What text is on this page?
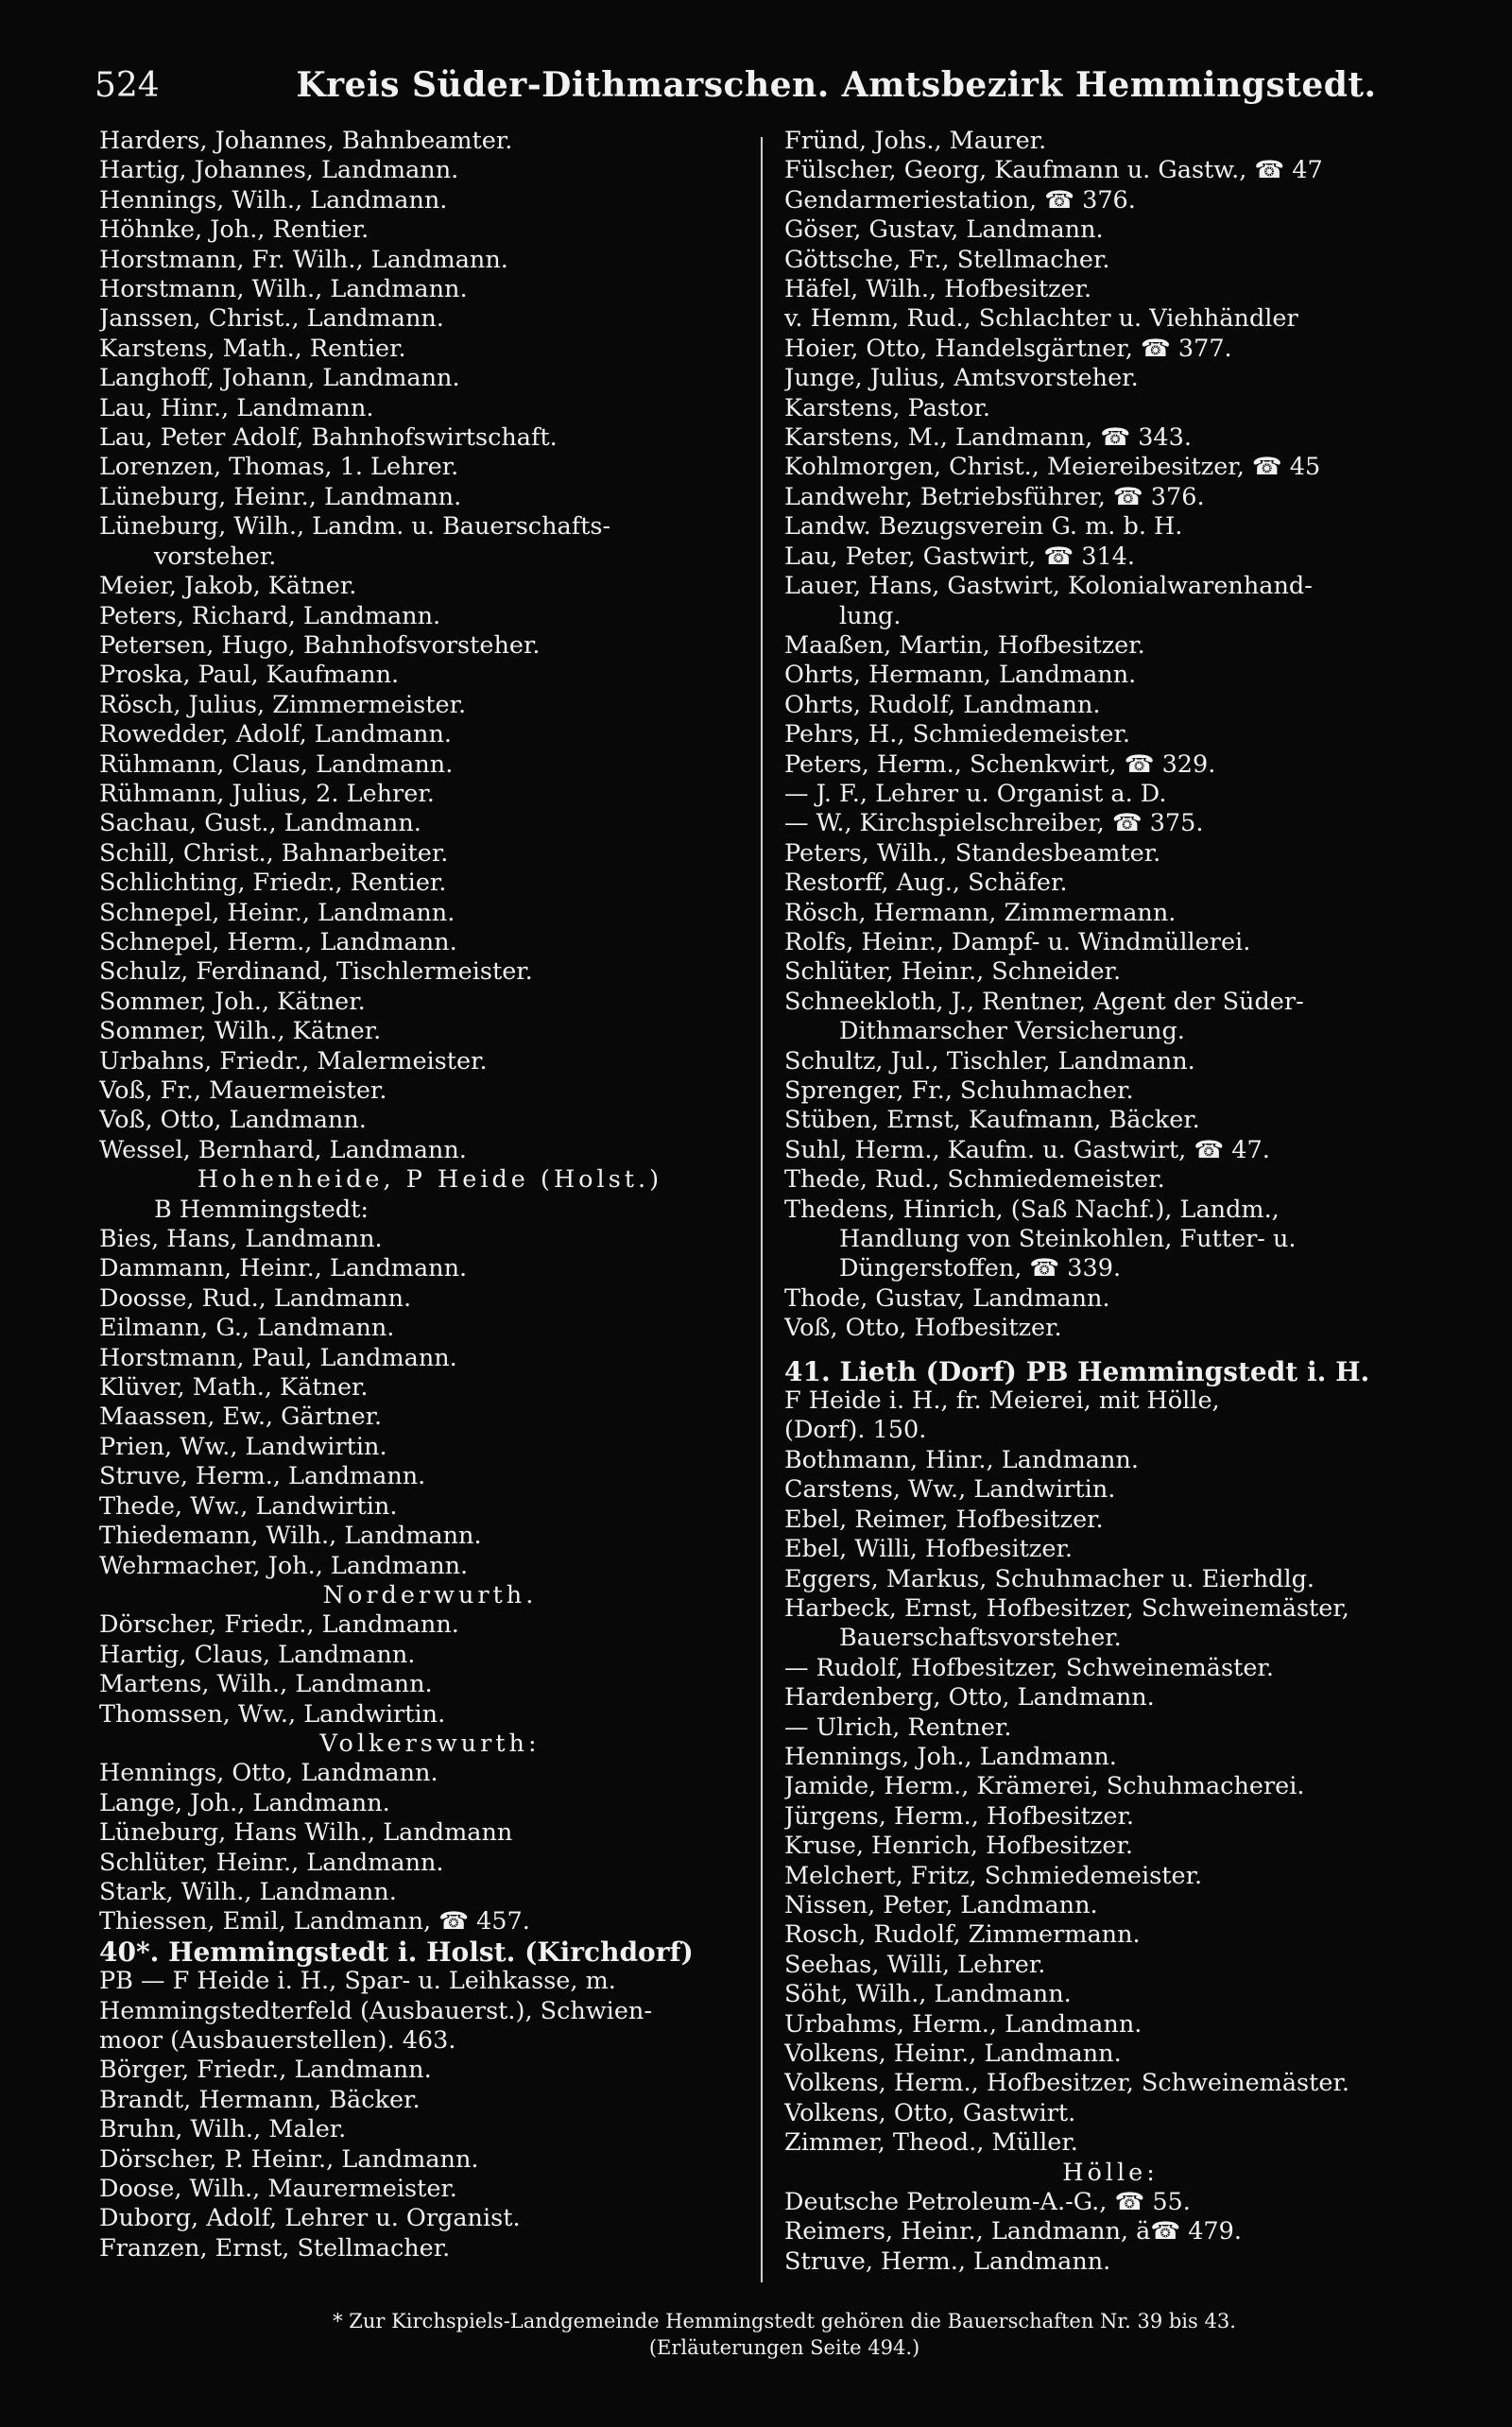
524	Kreis Süder-Dithmarschen. Amtsbezirk Hemmingstedt.
Harders, Johannes, Bahnbeamter.
Hartig, Johannes, Landmann.
Hennings, Wilh., Landmann.
Höhnke, Joh., Rentier.
Horstmann, Fr. Wilh., Landmann.
Horstmann, Wilh., Landmann.
Janssen, Christ., Landmann.
Karstens, Math., Rentier.
Langhoff, Johann, Landmann.
Lau, Hinr., Landmann.
Lau, Peter Adolf, Bahnhofswirtschaft.
Lorenzen, Thomas, 1. Lehrer.
Lüneburg, Heinr., Landmann.
Lüneburg, Wilh., Landm. u. Bauerschafts-
vorsteher.
Meier, Jakob, Kätner.
Peters, Richard, Landmann.
Petersen, Hugo, Bahnhofsvorsteher.
Proska, Paul, Kaufmann.
Rösch, Julius, Zimmermeister.
Rowedder, Adolf, Landmann.
Rühmann, Claus, Landmann.
Rühmann, Julius, 2. Lehrer.
Sachau, Gust., Landmann.
Schill, Christ., Bahnarbeiter.
Schlichting, Friedr., Rentier.
Schnepel, Heinr., Landmann.
Schnepel, Herm., Landmann.
Schulz, Ferdinand, Tischlermeister.
Sommer, Joh., Kätner.
Sommer, Wilh., Kätner.
Urbahns, Friedr., Malermeister.
Voß, Fr., Mauermeister.
Voß, Otto, Landmann.
Wessel, Bernhard, Landmann.
Hohenheide, P Heide (Holst.)
B Hemmingstedt:
Bies, Hans, Landmann.
Dammann, Heinr., Landmann.
Doosse, Rud., Landmann.
Eilmann, G., Landmann.
Horstmann, Paul, Landmann.
Klüver, Math., Kätner.
Maassen, Ew., Gärtner.
Prien, Ww., Landwirtin.
Struve, Herm., Landmann.
Thede, Ww., Landwirtin.
Thiedemann, Wilh., Landmann.
Wehrmacher, Joh., Landmann.
Norderwurth.
Dörscher, Friedr., Landmann.
Hartig, Claus, Landmann.
Martens, Wilh., Landmann.
Thomssen, Ww., Landwirtin.
Volkerswurth:
Hennings, Otto, Landmann.
Lange, Joh., Landmann.
Lüneburg, Hans Wilh., Landmann
Schlüter, Heinr., Landmann.
Stark, Wilh., Landmann.
Thiessen, Emil, Landmann, ☎ 457.
40*. Hemmingstedt i. Holst. (Kirchdorf)
PB — F Heide i. H., Spar- u. Leihkasse, m.
Hemmingstedterfeld (Ausbauerst.), Schwien-
moor (Ausbauerstellen). 463.
Börger, Friedr., Landmann.
Brandt, Hermann, Bäcker.
Bruhn, Wilh., Maler.
Dörscher, P. Heinr., Landmann.
Doose, Wilh., Maurermeister.
Duborg, Adolf, Lehrer u. Organist.
Franzen, Ernst, Stellmacher.
Fründ, Johs., Maurer.
Fülscher, Georg, Kaufmann u. Gastw., ☎ 47
Gendarmeriestation, ☎ 376.
Göser, Gustav, Landmann.
Göttsche, Fr., Stellmacher.
Häfel, Wilh., Hofbesitzer.
v. Hemm, Rud., Schlachter u. Viehhändler
Hoier, Otto, Handelsgärtner, ☎ 377.
Junge, Julius, Amtsvorsteher.
Karstens, Pastor.
Karstens, M., Landmann, ☎ 343.
Kohlmorgen, Christ., Meiereibesitzer, ☎ 45
Landwehr, Betriebsführer, ☎ 376.
Landw. Bezugsverein G. m. b. H.
Lau, Peter, Gastwirt, ☎ 314.
Lauer, Hans, Gastwirt, Kolonialwarenhand-
lung.
Maaßen, Martin, Hofbesitzer.
Ohrts, Hermann, Landmann.
Ohrts, Rudolf, Landmann.
Pehrs, H., Schmiedemeister.
Peters, Herm., Schenkwirt, ☎ 329.
— J. F., Lehrer u. Organist a. D.
— W., Kirchspielschreiber, ☎ 375.
Peters, Wilh., Standesbeamter.
Restorff, Aug., Schäfer.
Rösch, Hermann, Zimmermann.
Rolfs, Heinr., Dampf- u. Windmüllerei.
Schlüter, Heinr., Schneider.
Schneekloth, J., Rentner, Agent der Süder-
Dithmarscher Versicherung.
Schultz, Jul., Tischler, Landmann.
Sprenger, Fr., Schuhmacher.
Stüben, Ernst, Kaufmann, Bäcker.
Suhl, Herm., Kaufm. u. Gastwirt, ☎ 47.
Thede, Rud., Schmiedemeister.
Thedens, Hinrich, (Saß Nachf.), Landm.,
Handlung von Steinkohlen, Futter- u.
Düngerstoffen, ☎ 339.
Thode, Gustav, Landmann.
Voß, Otto, Hofbesitzer.
41. Lieth (Dorf) PB Hemmingstedt i. H.
F Heide i. H., fr. Meierei, mit Hölle,
(Dorf). 150.
Bothmann, Hinr., Landmann.
Carstens, Ww., Landwirtin.
Ebel, Reimer, Hofbesitzer.
Ebel, Willi, Hofbesitzer.
Eggers, Markus, Schuhmacher u. Eierhdlg.
Harbeck, Ernst, Hofbesitzer, Schweinemäster,
Bauerschaftsvorsteher.
— Rudolf, Hofbesitzer, Schweinemäster.
Hardenberg, Otto, Landmann.
— Ulrich, Rentner.
Hennings, Joh., Landmann.
Jamide, Herm., Krämerei, Schuhmacherei.
Jürgens, Herm., Hofbesitzer.
Kruse, Henrich, Hofbesitzer.
Melchert, Fritz, Schmiedemeister.
Nissen, Peter, Landmann.
Rosch, Rudolf, Zimmermann.
Seehas, Willi, Lehrer.
Söht, Wilh., Landmann.
Urbahms, Herm., Landmann.
Volkens, Heinr., Landmann.
Volkens, Herm., Hofbesitzer, Schweinemäster.
Volkens, Otto, Gastwirt.
Zimmer, Theod., Müller.
Hölle:
Deutsche Petroleum-A.-G., ☎ 55.
Reimers, Heinr., Landmann, ä☎ 479.
Struve, Herm., Landmann.
* Zur Kirchspiels-Landgemeinde Hemmingstedt gehören die Bauerschaften Nr. 39 bis 43.
(Erläuterungen Seite 494.)
